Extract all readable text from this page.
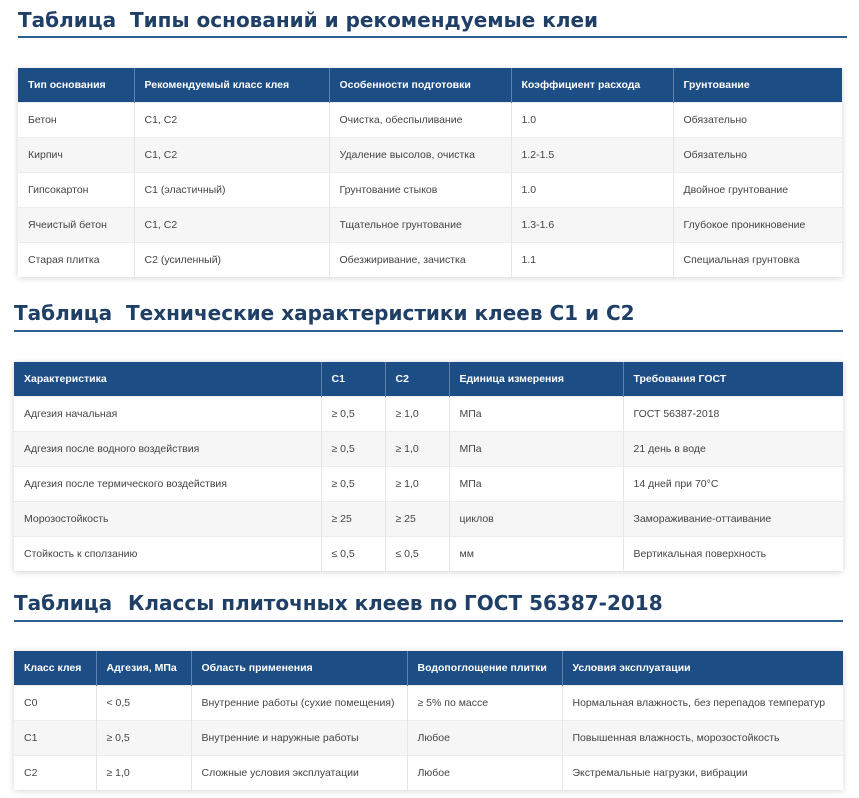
Таблица Типы оснований и рекомендуемые клеи
Тип основания	Рекомендуемый класс клея	Особенности подготовки	Коэффициент расхода	Грунтование
Бетон	С1, С2	Очистка, обеспыливание	1.0	Обязательно
Кирпич	С1, С2	Удаление высолов, очистка	1.2-1.5	Обязательно
Гипсокартон	С1 (эластичный)	Грунтование стыков	1.0	Двойное грунтование
Ячеистый бетон	С1, С2	Тщательное грунтование	1.3-1.6	Глубокое проникновение
Старая плитка	С2 (усиленный)	Обезжиривание, зачистка	1.1	Специальная грунтовка
Таблица Технические характеристики клеев С1 и С2
Характеристика	С1	С2	Единица измерения	Требования ГОСТ
Адгезия начальная	≥ 0,5	≥ 1,0	МПа	ГОСТ 56387-2018
Адгезия после водного воздействия	≥ 0,5	≥ 1,0	МПа	21 день в воде
Адгезия после термического воздействия	≥ 0,5	≥ 1,0	МПа	14 дней при 70°C
Морозостойкость	≥ 25	≥ 25	циклов	Замораживание-оттаивание
Стойкость к сползанию	≤ 0,5	≤ 0,5	мм	Вертикальная поверхность
Таблица Классы плиточных клеев по ГОСТ 56387-2018
Класс клея	Адгезия, МПа	Область применения	Водопоглощение плитки	Условия эксплуатации
С0	< 0,5	Внутренние работы (сухие помещения)	≥ 5% по массе	Нормальная влажность, без перепадов температур
С1	≥ 0,5	Внутренние и наружные работы	Любое	Повышенная влажность, морозостойкость
С2	≥ 1,0	Сложные условия эксплуатации	Любое	Экстремальные нагрузки, вибрации
